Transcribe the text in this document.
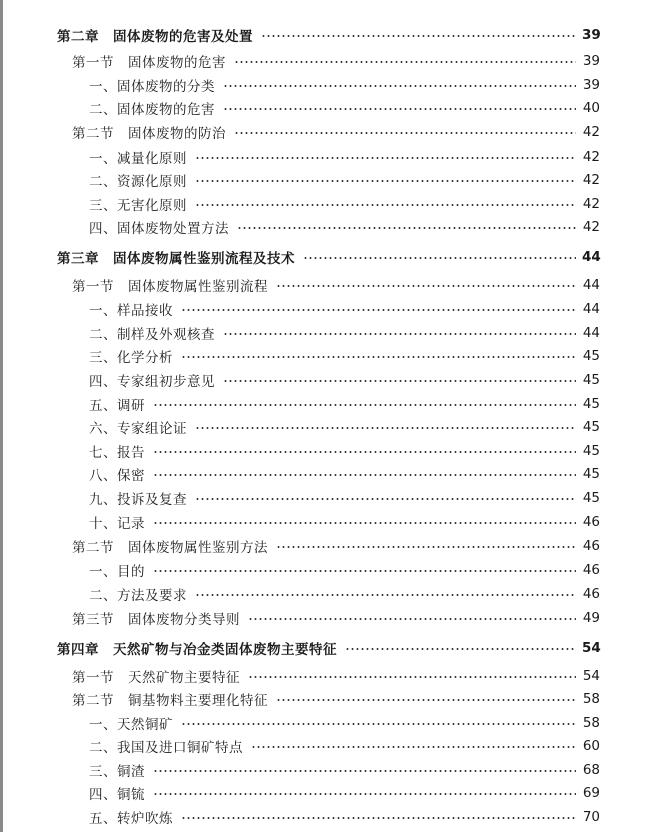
第二章　固体废物的危害及处置	39
第一节　固体废物的危害	39
一、固体废物的分类	39
二、固体废物的危害	40
第二节　固体废物的防治	42
一、减量化原则	42
二、资源化原则	42
三、无害化原则	42
四、固体废物处置方法	42
第三章　固体废物属性鉴别流程及技术	44
第一节　固体废物属性鉴别流程	44
一、样品接收	44
二、制样及外观核查	44
三、化学分析	45
四、专家组初步意见	45
五、调研	45
六、专家组论证	45
七、报告	45
八、保密	45
九、投诉及复查	45
十、记录	46
第二节　固体废物属性鉴别方法	46
一、目的	46
二、方法及要求	46
第三节　固体废物分类导则	49
第四章　天然矿物与冶金类固体废物主要特征	54
第一节　天然矿物主要特征	54
第二节　铜基物料主要理化特征	58
一、天然铜矿	58
二、我国及进口铜矿特点	60
三、铜渣	68
四、铜锍	69
五、转炉吹炼	70
